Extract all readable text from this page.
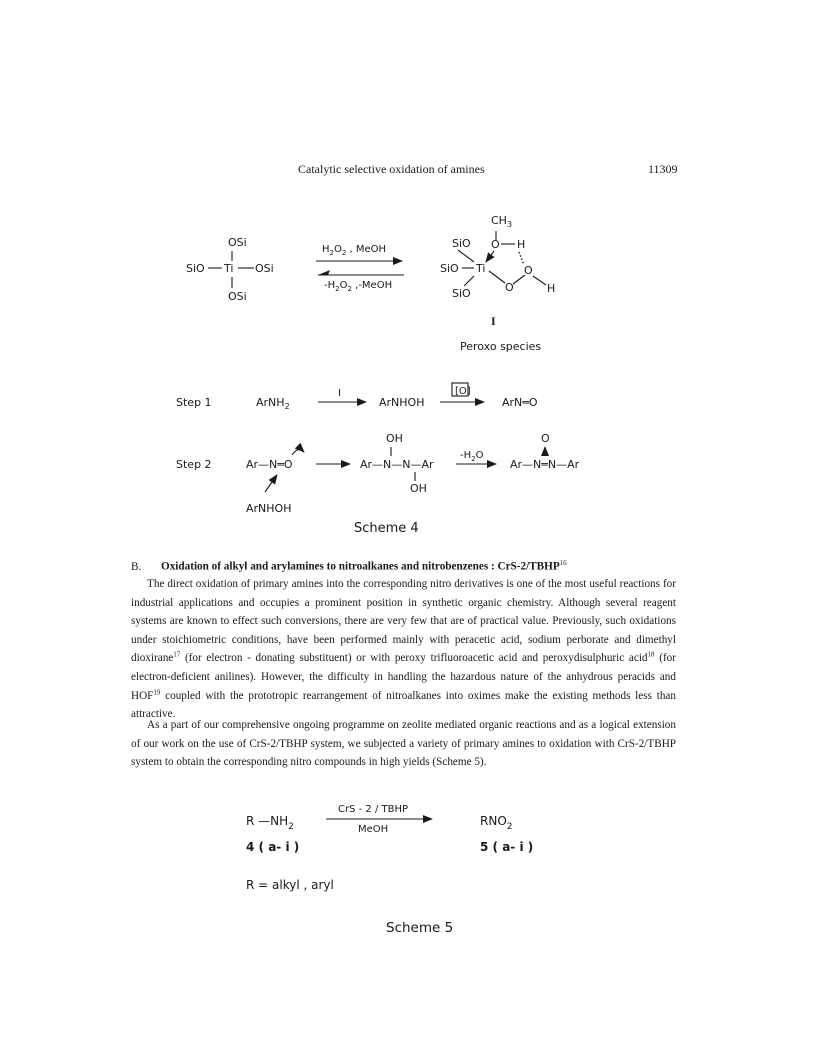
Catalytic selective oxidation of amines	11309
OSi
SiO Ti OSi
OSi
$H_2O_2$ , MeOH
$-H_2O_2$ ,-MeOH
$CH_3$
SiO O H
SiO Ti
O
O
H
SiO
I
Peroxo species
Step 1	ArNH$_2$
I
ArNHOH
[O]
ArN═O
Step 2	Ar—N═O
ArNHOH
OH
Ar—N—N—Ar
OH
$-H_2O$
O
Ar—N═N—Ar
Scheme 4
R $—NH_2$
CrS - 2 / TBHP
MeOH
$RNO_2$
4 ( a- i )	5 ( a- i )
R = alkyl , aryl
Scheme 5
B. Oxidation of alkyl and arylamines to nitroalkanes and nitrobenzenes : CrS-2/TBHP$^{16}$
The direct oxidation of primary amines into the corresponding nitro derivatives is one of the most useful reactions for industrial applications and occupies a prominent position in synthetic organic chemistry. Although several reagent systems are known to effect such conversions, there are very few that are of practical value. Previously, such oxidations under stoichiometric conditions, have been performed mainly with peracetic acid, sodium perborate and dimethyl dioxirane$^{17}$ (for electron - donating substituent) or with peroxy trifluoroacetic acid and peroxydisulphuric acid$^{18}$ (for electron-deficient anilines). However, the difficulty in handling the hazardous nature of the anhydrous peracids and HOF$^{19}$ coupled with the prototropic rearrangement of nitroalkanes into oximes make the existing methods less than attractive.
As a part of our comprehensive ongoing programme on zeolite mediated organic reactions and as a logical extension of our work on the use of CrS-2/TBHP system, we subjected a variety of primary amines to oxidation with CrS-2/TBHP system to obtain the corresponding nitro compounds in high yields (Scheme 5).
